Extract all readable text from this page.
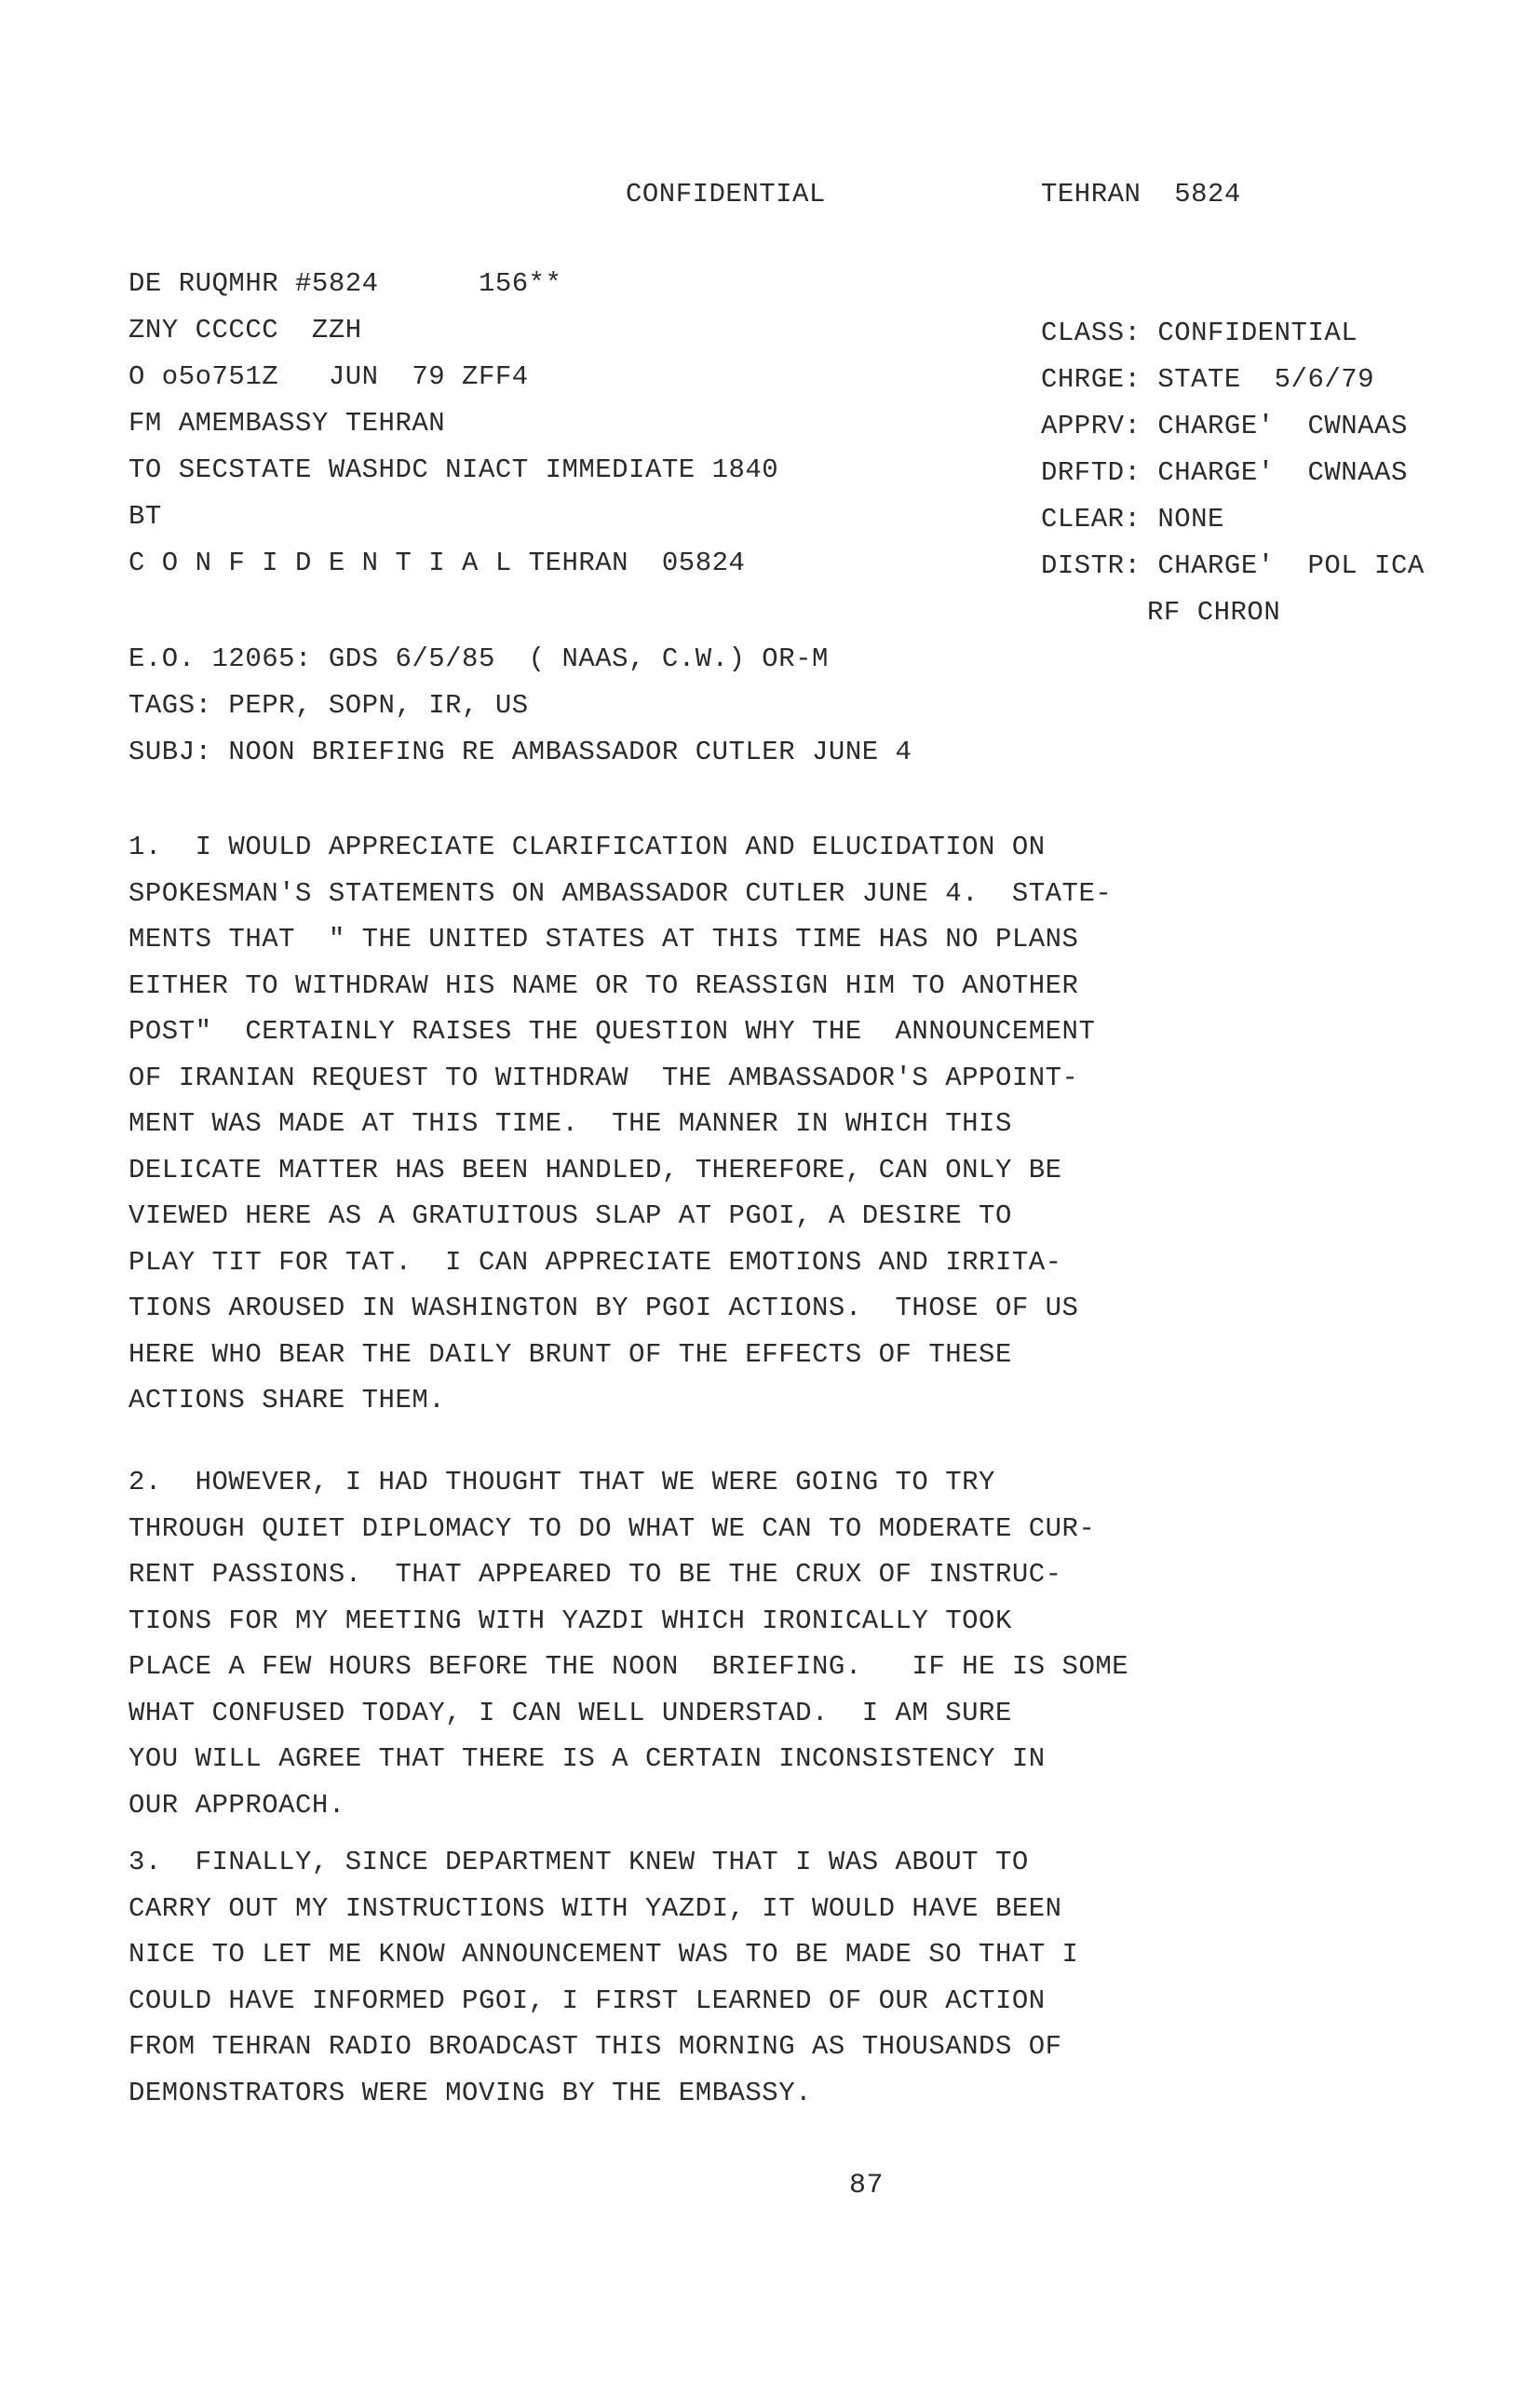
CONFIDENTIAL	TEHRAN  5824
DE RUQMHR #5824      156**
ZNY CCCCC  ZZH
O o5o751Z   JUN  79 ZFF4
FM AMEMBASSY TEHRAN
TO SECSTATE WASHDC NIACT IMMEDIATE 1840
BT
C O N F I D E N T I A L TEHRAN  05824
CLASS: CONFIDENTIAL
CHRGE: STATE  5/6/79
APPRV: CHARGE'  CWNAAS
DRFTD: CHARGE'  CWNAAS
CLEAR: NONE
DISTR: CHARGE'  POL ICA
RF CHRON
E.O. 12065: GDS 6/5/85  ( NAAS, C.W.) OR-M
TAGS: PEPR, SOPN, IR, US
SUBJ: NOON BRIEFING RE AMBASSADOR CUTLER JUNE 4
1.  I WOULD APPRECIATE CLARIFICATION AND ELUCIDATION ON
SPOKESMAN'S STATEMENTS ON AMBASSADOR CUTLER JUNE 4.  STATE-
MENTS THAT  " THE UNITED STATES AT THIS TIME HAS NO PLANS
EITHER TO WITHDRAW HIS NAME OR TO REASSIGN HIM TO ANOTHER
POST"  CERTAINLY RAISES THE QUESTION WHY THE  ANNOUNCEMENT
OF IRANIAN REQUEST TO WITHDRAW  THE AMBASSADOR'S APPOINT-
MENT WAS MADE AT THIS TIME.  THE MANNER IN WHICH THIS
DELICATE MATTER HAS BEEN HANDLED, THEREFORE, CAN ONLY BE
VIEWED HERE AS A GRATUITOUS SLAP AT PGOI, A DESIRE TO
PLAY TIT FOR TAT.  I CAN APPRECIATE EMOTIONS AND IRRITA-
TIONS AROUSED IN WASHINGTON BY PGOI ACTIONS.  THOSE OF US
HERE WHO BEAR THE DAILY BRUNT OF THE EFFECTS OF THESE
ACTIONS SHARE THEM.
2.  HOWEVER, I HAD THOUGHT THAT WE WERE GOING TO TRY
THROUGH QUIET DIPLOMACY TO DO WHAT WE CAN TO MODERATE CUR-
RENT PASSIONS.  THAT APPEARED TO BE THE CRUX OF INSTRUC-
TIONS FOR MY MEETING WITH YAZDI WHICH IRONICALLY TOOK
PLACE A FEW HOURS BEFORE THE NOON  BRIEFING.   IF HE IS SOME
WHAT CONFUSED TODAY, I CAN WELL UNDERSTAD.  I AM SURE
YOU WILL AGREE THAT THERE IS A CERTAIN INCONSISTENCY IN
OUR APPROACH.
3.  FINALLY, SINCE DEPARTMENT KNEW THAT I WAS ABOUT TO
CARRY OUT MY INSTRUCTIONS WITH YAZDI, IT WOULD HAVE BEEN
NICE TO LET ME KNOW ANNOUNCEMENT WAS TO BE MADE SO THAT I
COULD HAVE INFORMED PGOI, I FIRST LEARNED OF OUR ACTION
FROM TEHRAN RADIO BROADCAST THIS MORNING AS THOUSANDS OF
DEMONSTRATORS WERE MOVING BY THE EMBASSY.
87
